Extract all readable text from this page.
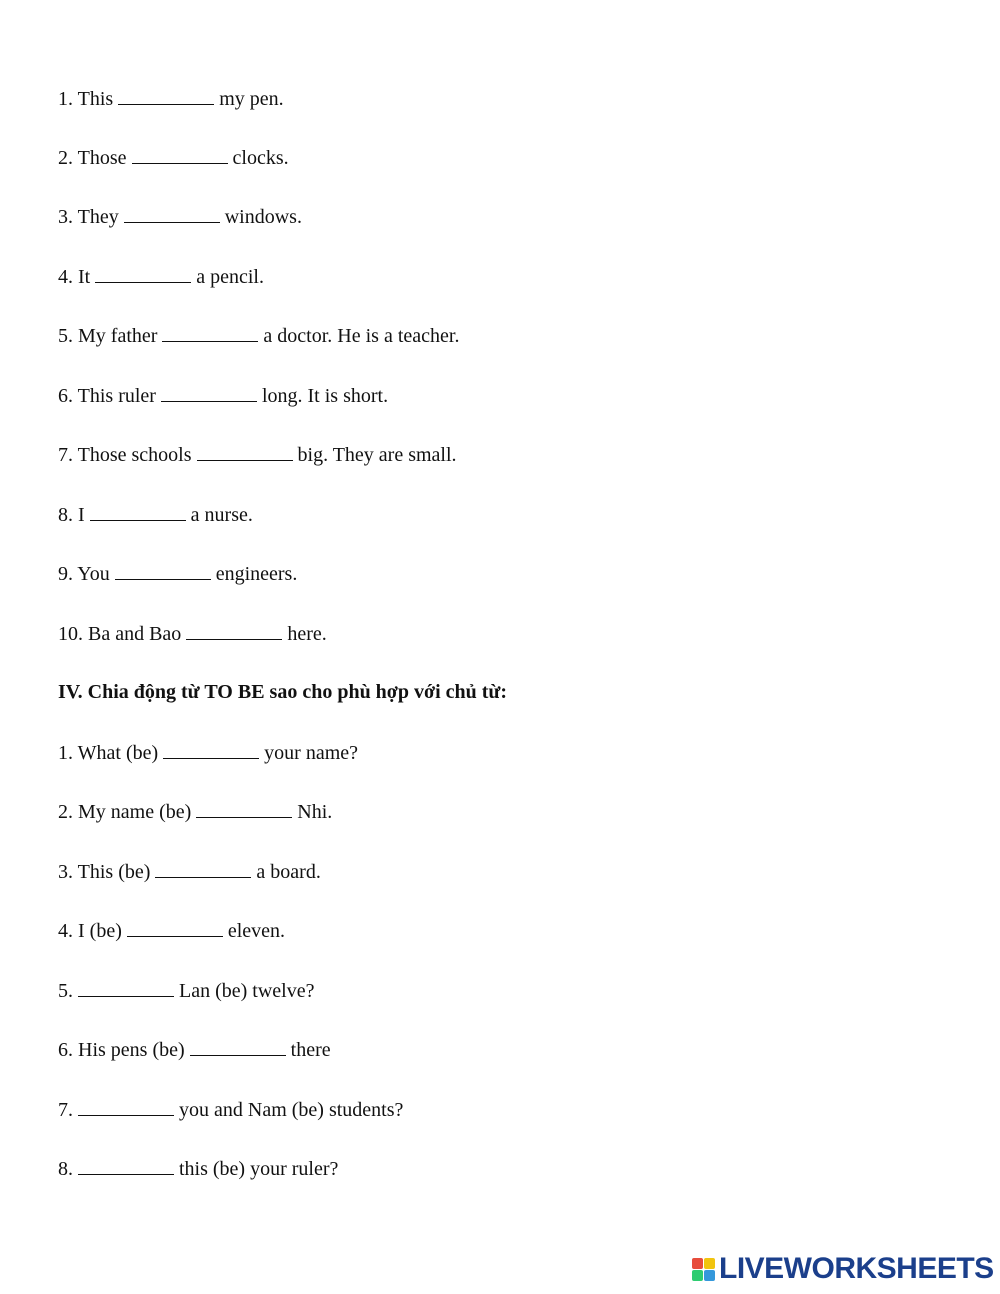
1. This	my pen.
2. Those	clocks.
3. They	windows.
4. It	a pencil.
5. My father	a doctor. He is a teacher.
6. This ruler	long. It is short.
7. Those schools	big. They are small.
8. I	a nurse.
9. You	engineers.
10. Ba and Bao	here.
IV. Chia động từ TO BE sao cho phù hợp với chủ từ:
1. What (be)	your name?
2. My name (be)	Nhi.
3. This (be)	a board.
4. I (be)	eleven.
5.	Lan (be) twelve?
6. His pens (be)	there
7.	you and Nam (be) students?
8.	this (be) your ruler?
LIVEWORKSHEETS
